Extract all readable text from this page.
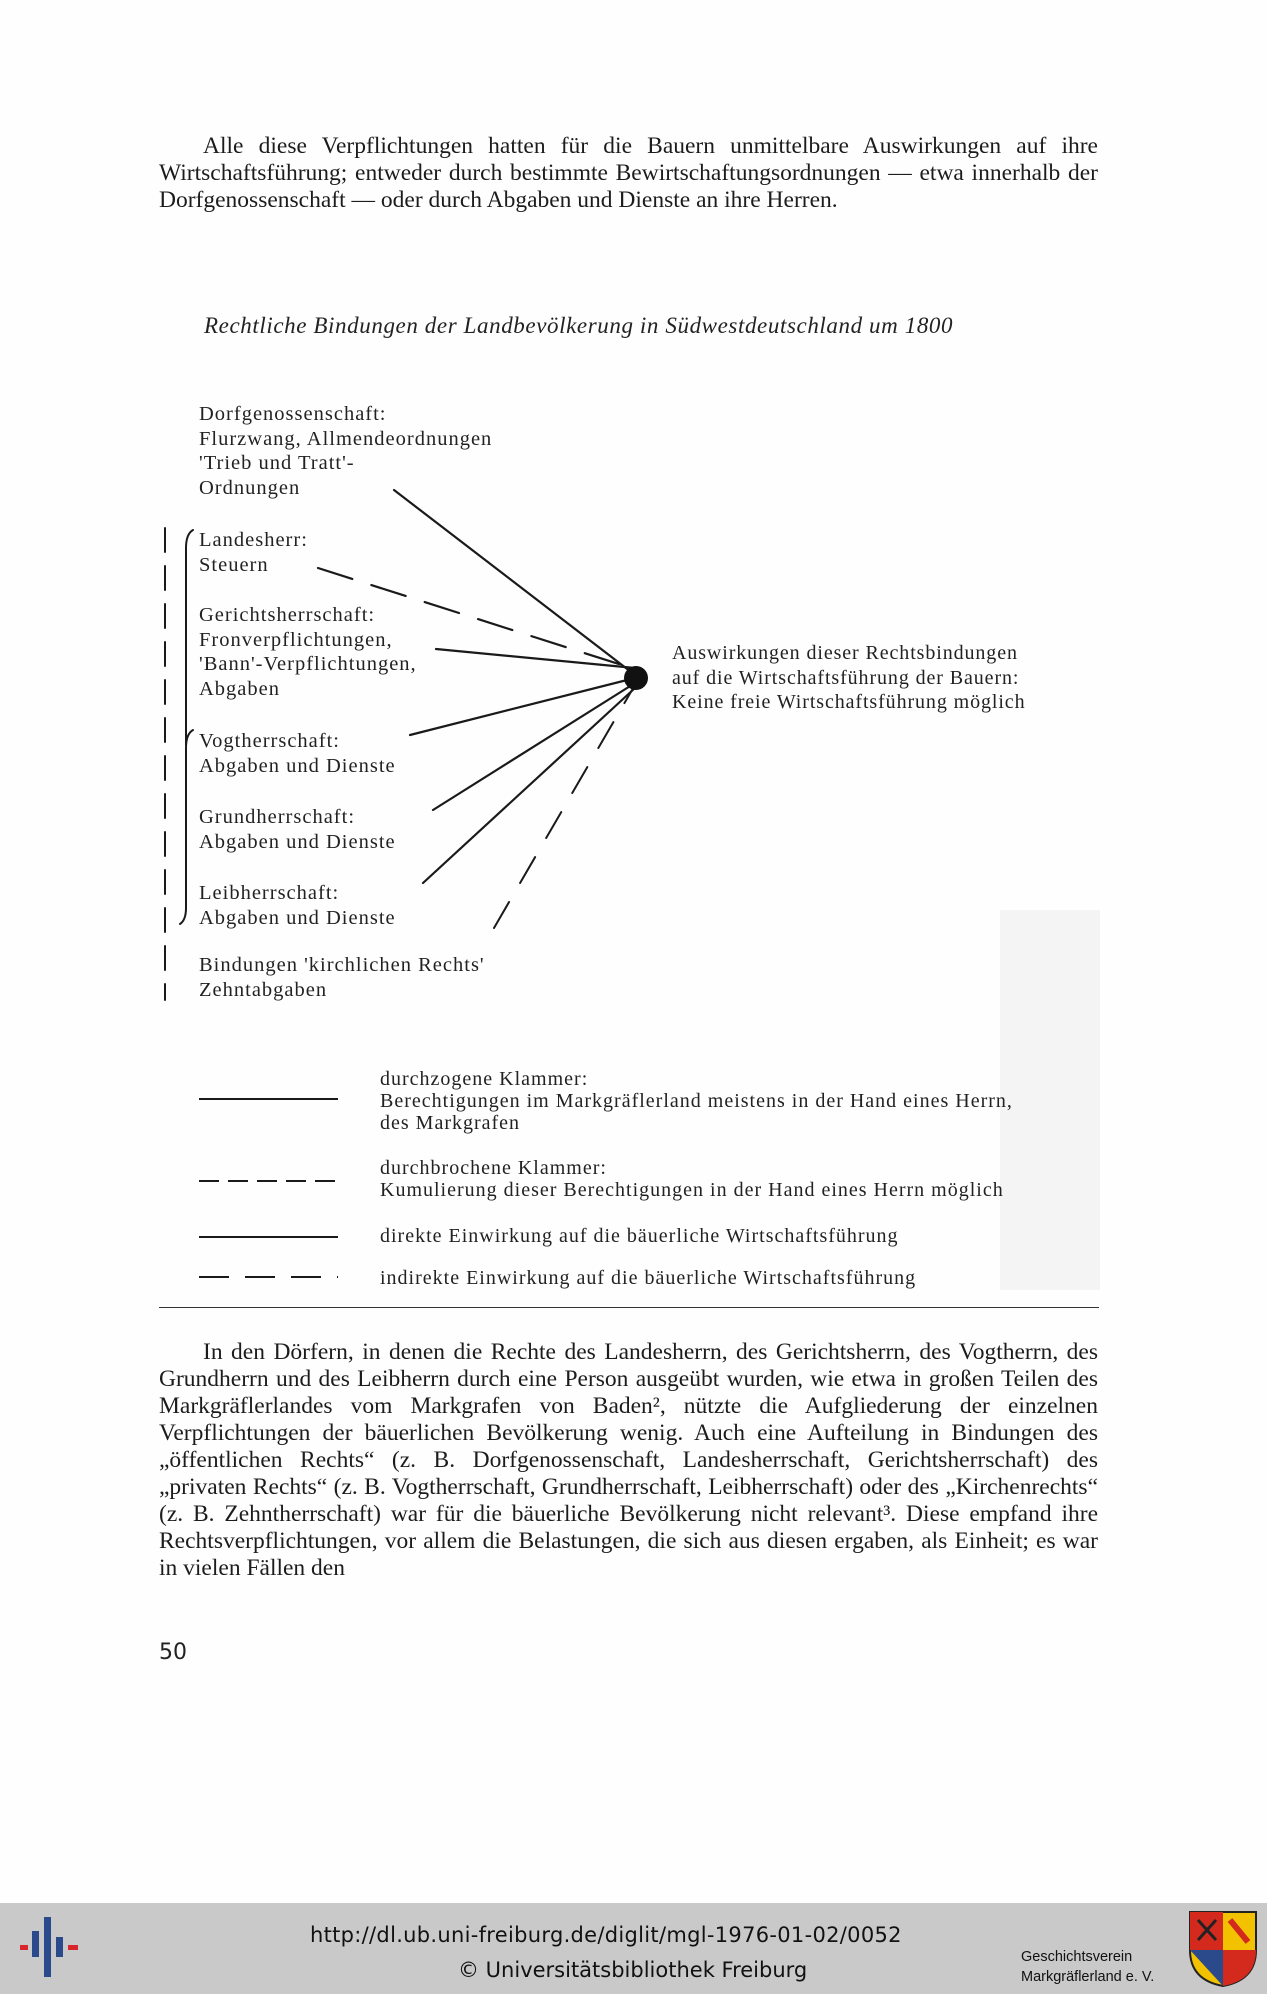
Alle diese Verpflichtungen hatten für die Bauern unmittelbare Auswirkungen auf ihre Wirtschaftsführung; entweder durch bestimmte Bewirtschaftungsordnungen — etwa innerhalb der Dorfgenossenschaft — oder durch Abgaben und Dienste an ihre Herren.

Rechtliche Bindungen der Landbevölkerung in Südwestdeutschland um 1800
Dorfgenossenschaft:
Flurzwang, Allmendeordnungen
'Trieb und Tratt'-
Ordnungen
Landesherr:
Steuern
Gerichtsherrschaft:
Fronverpflichtungen,
'Bann'-Verpflichtungen,
Abgaben
Vogtherrschaft:
Abgaben und Dienste
Grundherrschaft:
Abgaben und Dienste
Leibherrschaft:
Abgaben und Dienste
Bindungen 'kirchlichen Rechts'
Zehntabgaben
Auswirkungen dieser Rechtsbindungen
auf die Wirtschaftsführung der Bauern:
Keine freie Wirtschaftsführung möglich
durchzogene Klammer:
Berechtigungen im Markgräflerland meistens in der Hand eines Herrn,
des Markgrafen
durchbrochene Klammer:
Kumulierung dieser Berechtigungen in der Hand eines Herrn möglich
direkte Einwirkung auf die bäuerliche Wirtschaftsführung
indirekte Einwirkung auf die bäuerliche Wirtschaftsführung

In den Dörfern, in denen die Rechte des Landesherrn, des Gerichtsherrn, des Vogtherrn, des Grundherrn und des Leibherrn durch eine Person ausgeübt wurden, wie etwa in großen Teilen des Markgräflerlandes vom Markgrafen von Baden², nützte die Aufgliederung der einzelnen Verpflichtungen der bäuerlichen Bevölkerung wenig. Auch eine Aufteilung in Bindungen des „öffentlichen Rechts“ (z. B. Dorfgenossenschaft, Landesherrschaft, Gerichtsherrschaft) des „privaten Rechts“ (z. B. Vogtherrschaft, Grundherrschaft, Leibherrschaft) oder des „Kirchenrechts“ (z. B. Zehntherrschaft) war für die bäuerliche Bevölkerung nicht relevant³. Diese empfand ihre Rechtsverpflichtungen, vor allem die Belastungen, die sich aus diesen ergaben, als Einheit; es war in vielen Fällen den

50
http://dl.ub.uni-freiburg.de/diglit/mgl-1976-01-02/0052
© Universitätsbibliothek Freiburg
Geschichtsverein
Markgräflerland e. V.
